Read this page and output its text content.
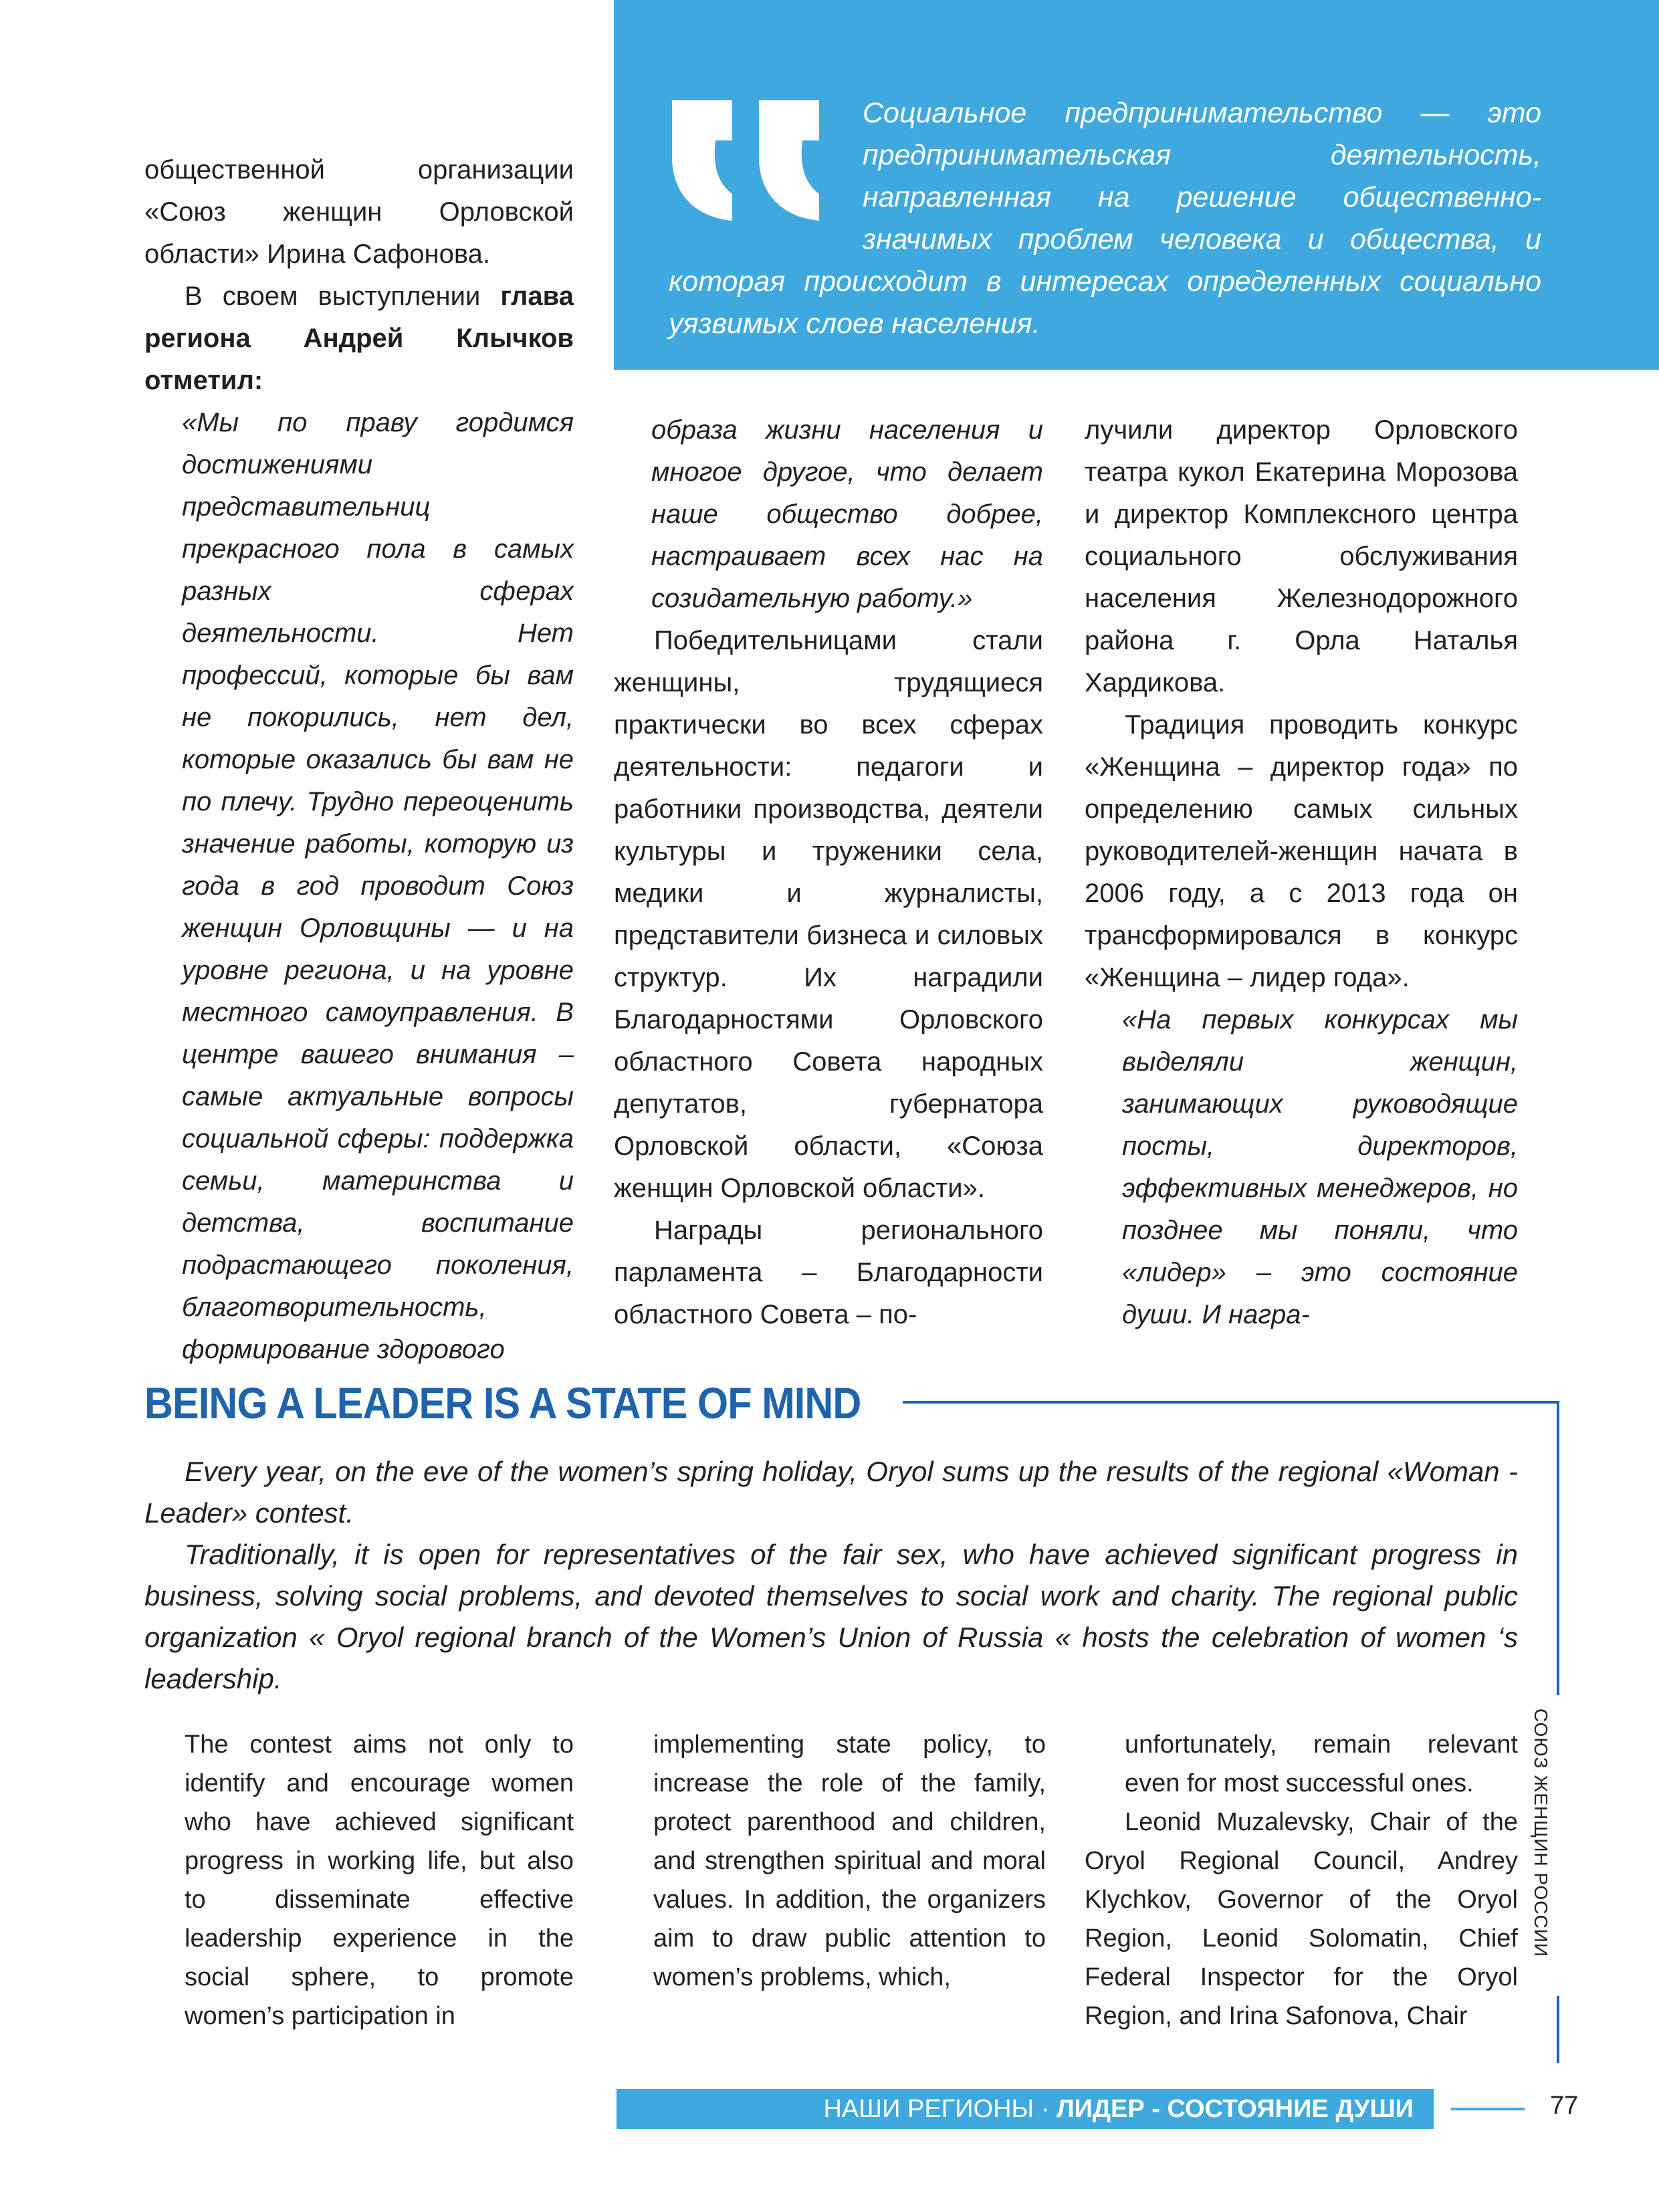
Социальное предпринимательство — это предпринимательская деятельность, направленная на решение общественно-значимых проблем человека и общества, и которая происходит в интересах определенных социально уязвимых слоев населения.

общественной организации «Союз женщин Орловской области» Ирина Сафонова.

В своем выступлении глава региона Андрей Клычков отметил:

«Мы по праву гордимся достижениями представительниц прекрасного пола в самых разных сферах деятельности. Нет профессий, которые бы вам не покорились, нет дел, которые оказались бы вам не по плечу. Трудно переоценить значение работы, которую из года в год проводит Союз женщин Орловщины — и на уровне региона, и на уровне местного самоуправления. В центре вашего внимания – самые актуальные вопросы социальной сферы: поддержка семьи, материнства и детства, воспитание подрастающего поколения, благотворительность, формирование здорового

образа жизни населения и многое другое, что делает наше общество добрее, настраивает всех нас на созидательную работу.»

Победительницами стали женщины, трудящиеся практически во всех сферах деятельности: педагоги и работники производства, деятели культуры и труженики села, медики и журналисты, представители бизнеса и силовых структур. Их наградили Благодарностями Орловского областного Совета народных депутатов, губернатора Орловской области, «Союза женщин Орловской области».

Награды регионального парламента – Благодарности областного Совета – по-

лучили директор Орловского театра кукол Екатерина Морозова и директор Комплексного центра социального обслуживания населения Железнодорожного района г. Орла Наталья Хардикова.

Традиция проводить конкурс «Женщина – директор года» по определению самых сильных руководителей-женщин начата в 2006 году, а с 2013 года он трансформировался в конкурс «Женщина – лидер года».

«На первых конкурсах мы выделяли женщин, занимающих руководящие посты, директоров, эффективных менеджеров, но позднее мы поняли, что «лидер» – это состояние души. И награ-

BEING A LEADER IS A STATE OF MIND

Every year, on the eve of the women’s spring holiday, Oryol sums up the results of the regional «Woman - Leader» contest.

Traditionally, it is open for representatives of the fair sex, who have achieved significant progress in business, solving social problems, and devoted themselves to social work and charity. The regional public organization « Oryol regional branch of the Women’s Union of Russia « hosts the celebration of women ‘s leadership.

The contest aims not only to identify and encourage women who have achieved significant progress in working life, but also to disseminate effective leadership experience in the social sphere, to promote women’s participation in

implementing state policy, to increase the role of the family, protect parenthood and children, and strengthen spiritual and moral values. In addition, the organizers aim to draw public attention to women’s problems, which,

unfortunately, remain relevant even for most successful ones.

Leonid Muzalevsky, Chair of the Oryol Regional Council, Andrey Klychkov, Governor of the Oryol Region, Leonid Solomatin, Chief Federal Inspector for the Oryol Region, and Irina Safonova, Chair

СОЮЗ ЖЕНЩИН РОССИИ
НАШИ РЕГИОНЫ · ЛИДЕР - СОСТОЯНИЕ ДУШИ	77
